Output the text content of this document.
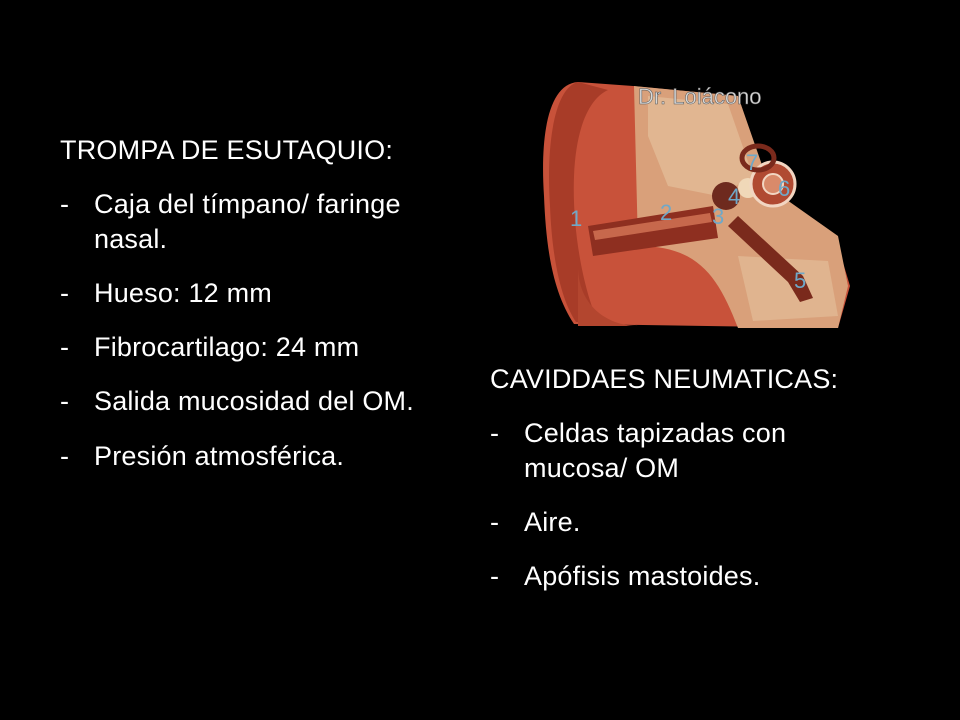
TROMPA DE ESUTAQUIO:
- Caja del tímpano/ faringe nasal.
- Hueso: 12 mm
- Fibrocartilago: 24 mm
- Salida mucosidad del OM.
- Presión atmosférica.
Dr. Loiácono
1	2 3
4
5
6
7
CAVIDDAES NEUMATICAS:
- Celdas tapizadas con mucosa/ OM
- Aire.
- Apófisis mastoides.
